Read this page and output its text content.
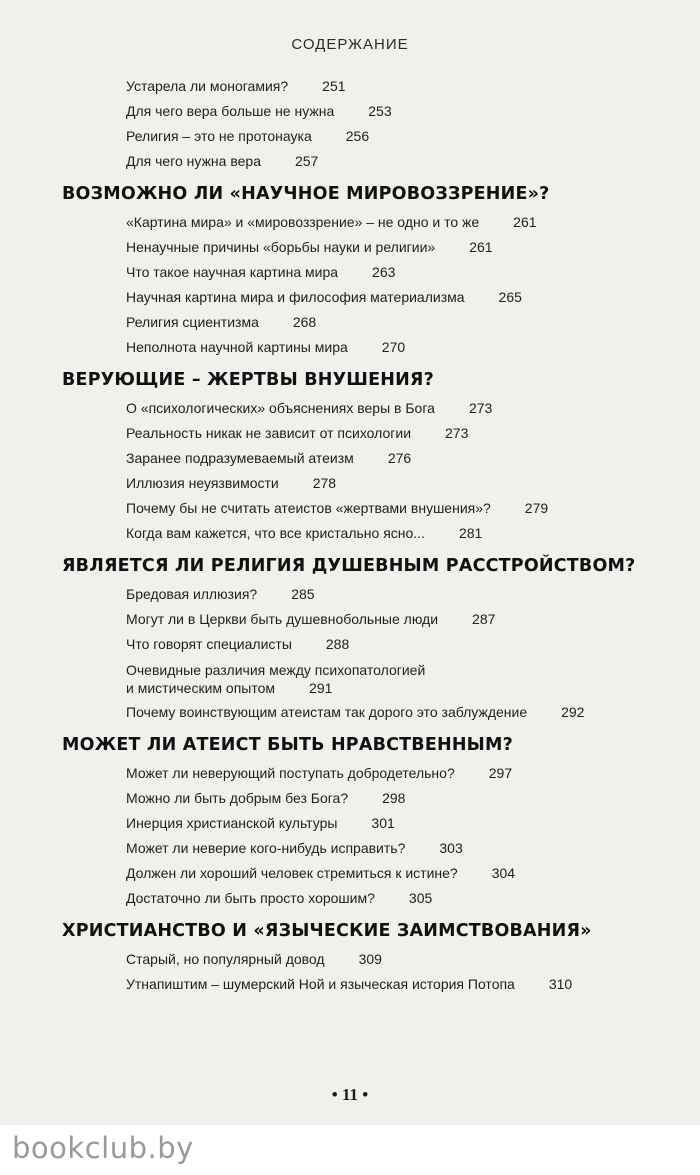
СОДЕРЖАНИЕ
Устарела ли моногамия? 251
Для чего вера больше не нужна 253
Религия – это не протонаука 256
Для чего нужна вера 257
ВОЗМОЖНО ЛИ «НАУЧНОЕ МИРОВОЗЗРЕНИЕ»?
«Картина мира» и «мировоззрение» – не одно и то же 261
Ненаучные причины «борьбы науки и религии» 261
Что такое научная картина мира 263
Научная картина мира и философия материализма 265
Религия сциентизма 268
Неполнота научной картины мира 270
ВЕРУЮЩИЕ – ЖЕРТВЫ ВНУШЕНИЯ?
О «психологических» объяснениях веры в Бога 273
Реальность никак не зависит от психологии 273
Заранее подразумеваемый атеизм 276
Иллюзия неуязвимости 278
Почему бы не считать атеистов «жертвами внушения»? 279
Когда вам кажется, что все кристально ясно... 281
ЯВЛЯЕТСЯ ЛИ РЕЛИГИЯ ДУШЕВНЫМ РАССТРОЙСТВОМ?
Бредовая иллюзия? 285
Могут ли в Церкви быть душевнобольные люди 287
Что говорят специалисты 288
Очевидные различия между психопатологией
и мистическим опытом 291
Почему воинствующим атеистам так дорого это заблуждение 292
МОЖЕТ ЛИ АТЕИСТ БЫТЬ НРАВСТВЕННЫМ?
Может ли неверующий поступать добродетельно? 297
Можно ли быть добрым без Бога? 298
Инерция христианской культуры 301
Может ли неверие кого-нибудь исправить? 303
Должен ли хороший человек стремиться к истине? 304
Достаточно ли быть просто хорошим? 305
ХРИСТИАНСТВО И «ЯЗЫЧЕСКИЕ ЗАИМСТВОВАНИЯ»
Старый, но популярный довод 309
Утнапиштим – шумерский Ной и языческая история Потопа 310
• 11 •
bookclub.by
